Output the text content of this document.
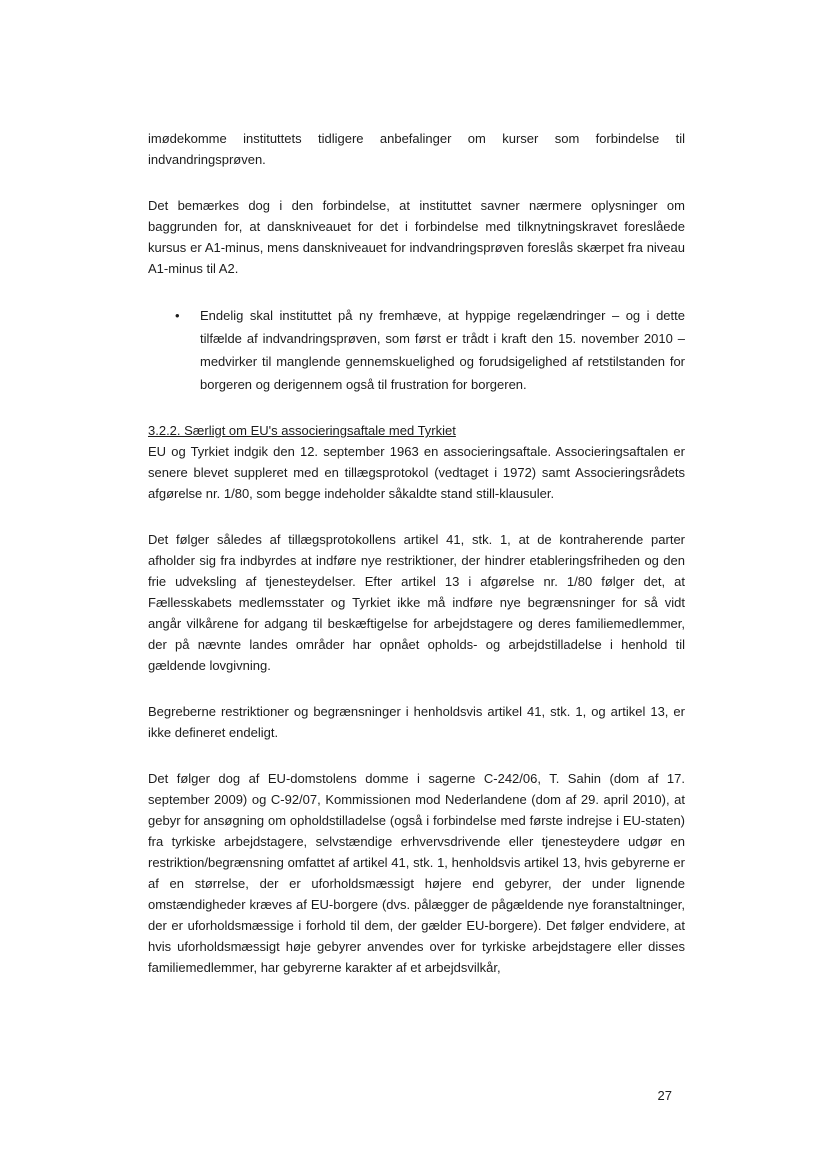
imødekomme instituttets tidligere anbefalinger om kurser som forbindelse til indvandringsprøven.

Det bemærkes dog i den forbindelse, at instituttet savner nærmere oplysninger om baggrunden for, at danskniveauet for det i forbindelse med tilknytningskravet foreslåede kursus er A1-minus, mens danskniveauet for indvandringsprøven foreslås skærpet fra niveau A1-minus til A2.

• Endelig skal instituttet på ny fremhæve, at hyppige regelændringer – og i dette tilfælde af indvandringsprøven, som først er trådt i kraft den 15. november 2010 – medvirker til manglende gennemskuelighed og forudsigelighed af retstilstanden for borgeren og derigennem også til frustration for borgeren.
3.2.2. Særligt om EU's associeringsaftale med Tyrkiet

EU og Tyrkiet indgik den 12. september 1963 en associeringsaftale. Associeringsaftalen er senere blevet suppleret med en tillægsprotokol (vedtaget i 1972) samt Associeringsrådets afgørelse nr. 1/80, som begge indeholder såkaldte stand still-klausuler.

Det følger således af tillægsprotokollens artikel 41, stk. 1, at de kontraherende parter afholder sig fra indbyrdes at indføre nye restriktioner, der hindrer etableringsfriheden og den frie udveksling af tjenesteydelser. Efter artikel 13 i afgørelse nr. 1/80 følger det, at Fællesskabets medlemsstater og Tyrkiet ikke må indføre nye begrænsninger for så vidt angår vilkårene for adgang til beskæftigelse for arbejdstagere og deres familiemedlemmer, der på nævnte landes områder har opnået opholds- og arbejdstilladelse i henhold til gældende lovgivning.

Begreberne restriktioner og begrænsninger i henholdsvis artikel 41, stk. 1, og artikel 13, er ikke defineret endeligt.

Det følger dog af EU-domstolens domme i sagerne C-242/06, T. Sahin (dom af 17. september 2009) og C-92/07, Kommissionen mod Nederlandene (dom af 29. april 2010), at gebyr for ansøgning om opholdstilladelse (også i forbindelse med første indrejse i EU-staten) fra tyrkiske arbejdstagere, selvstændige erhvervsdrivende eller tjenesteydere udgør en restriktion/begrænsning omfattet af artikel 41, stk. 1, henholdsvis artikel 13, hvis gebyrerne er af en størrelse, der er uforholdsmæssigt højere end gebyrer, der under lignende omstændigheder kræves af EU-borgere (dvs. pålægger de pågældende nye foranstaltninger, der er uforholdsmæssige i forhold til dem, der gælder EU-borgere). Det følger endvidere, at hvis uforholdsmæssigt høje gebyrer anvendes over for tyrkiske arbejdstagere eller disses familiemedlemmer, har gebyrerne karakter af et arbejdsvilkår,

27
